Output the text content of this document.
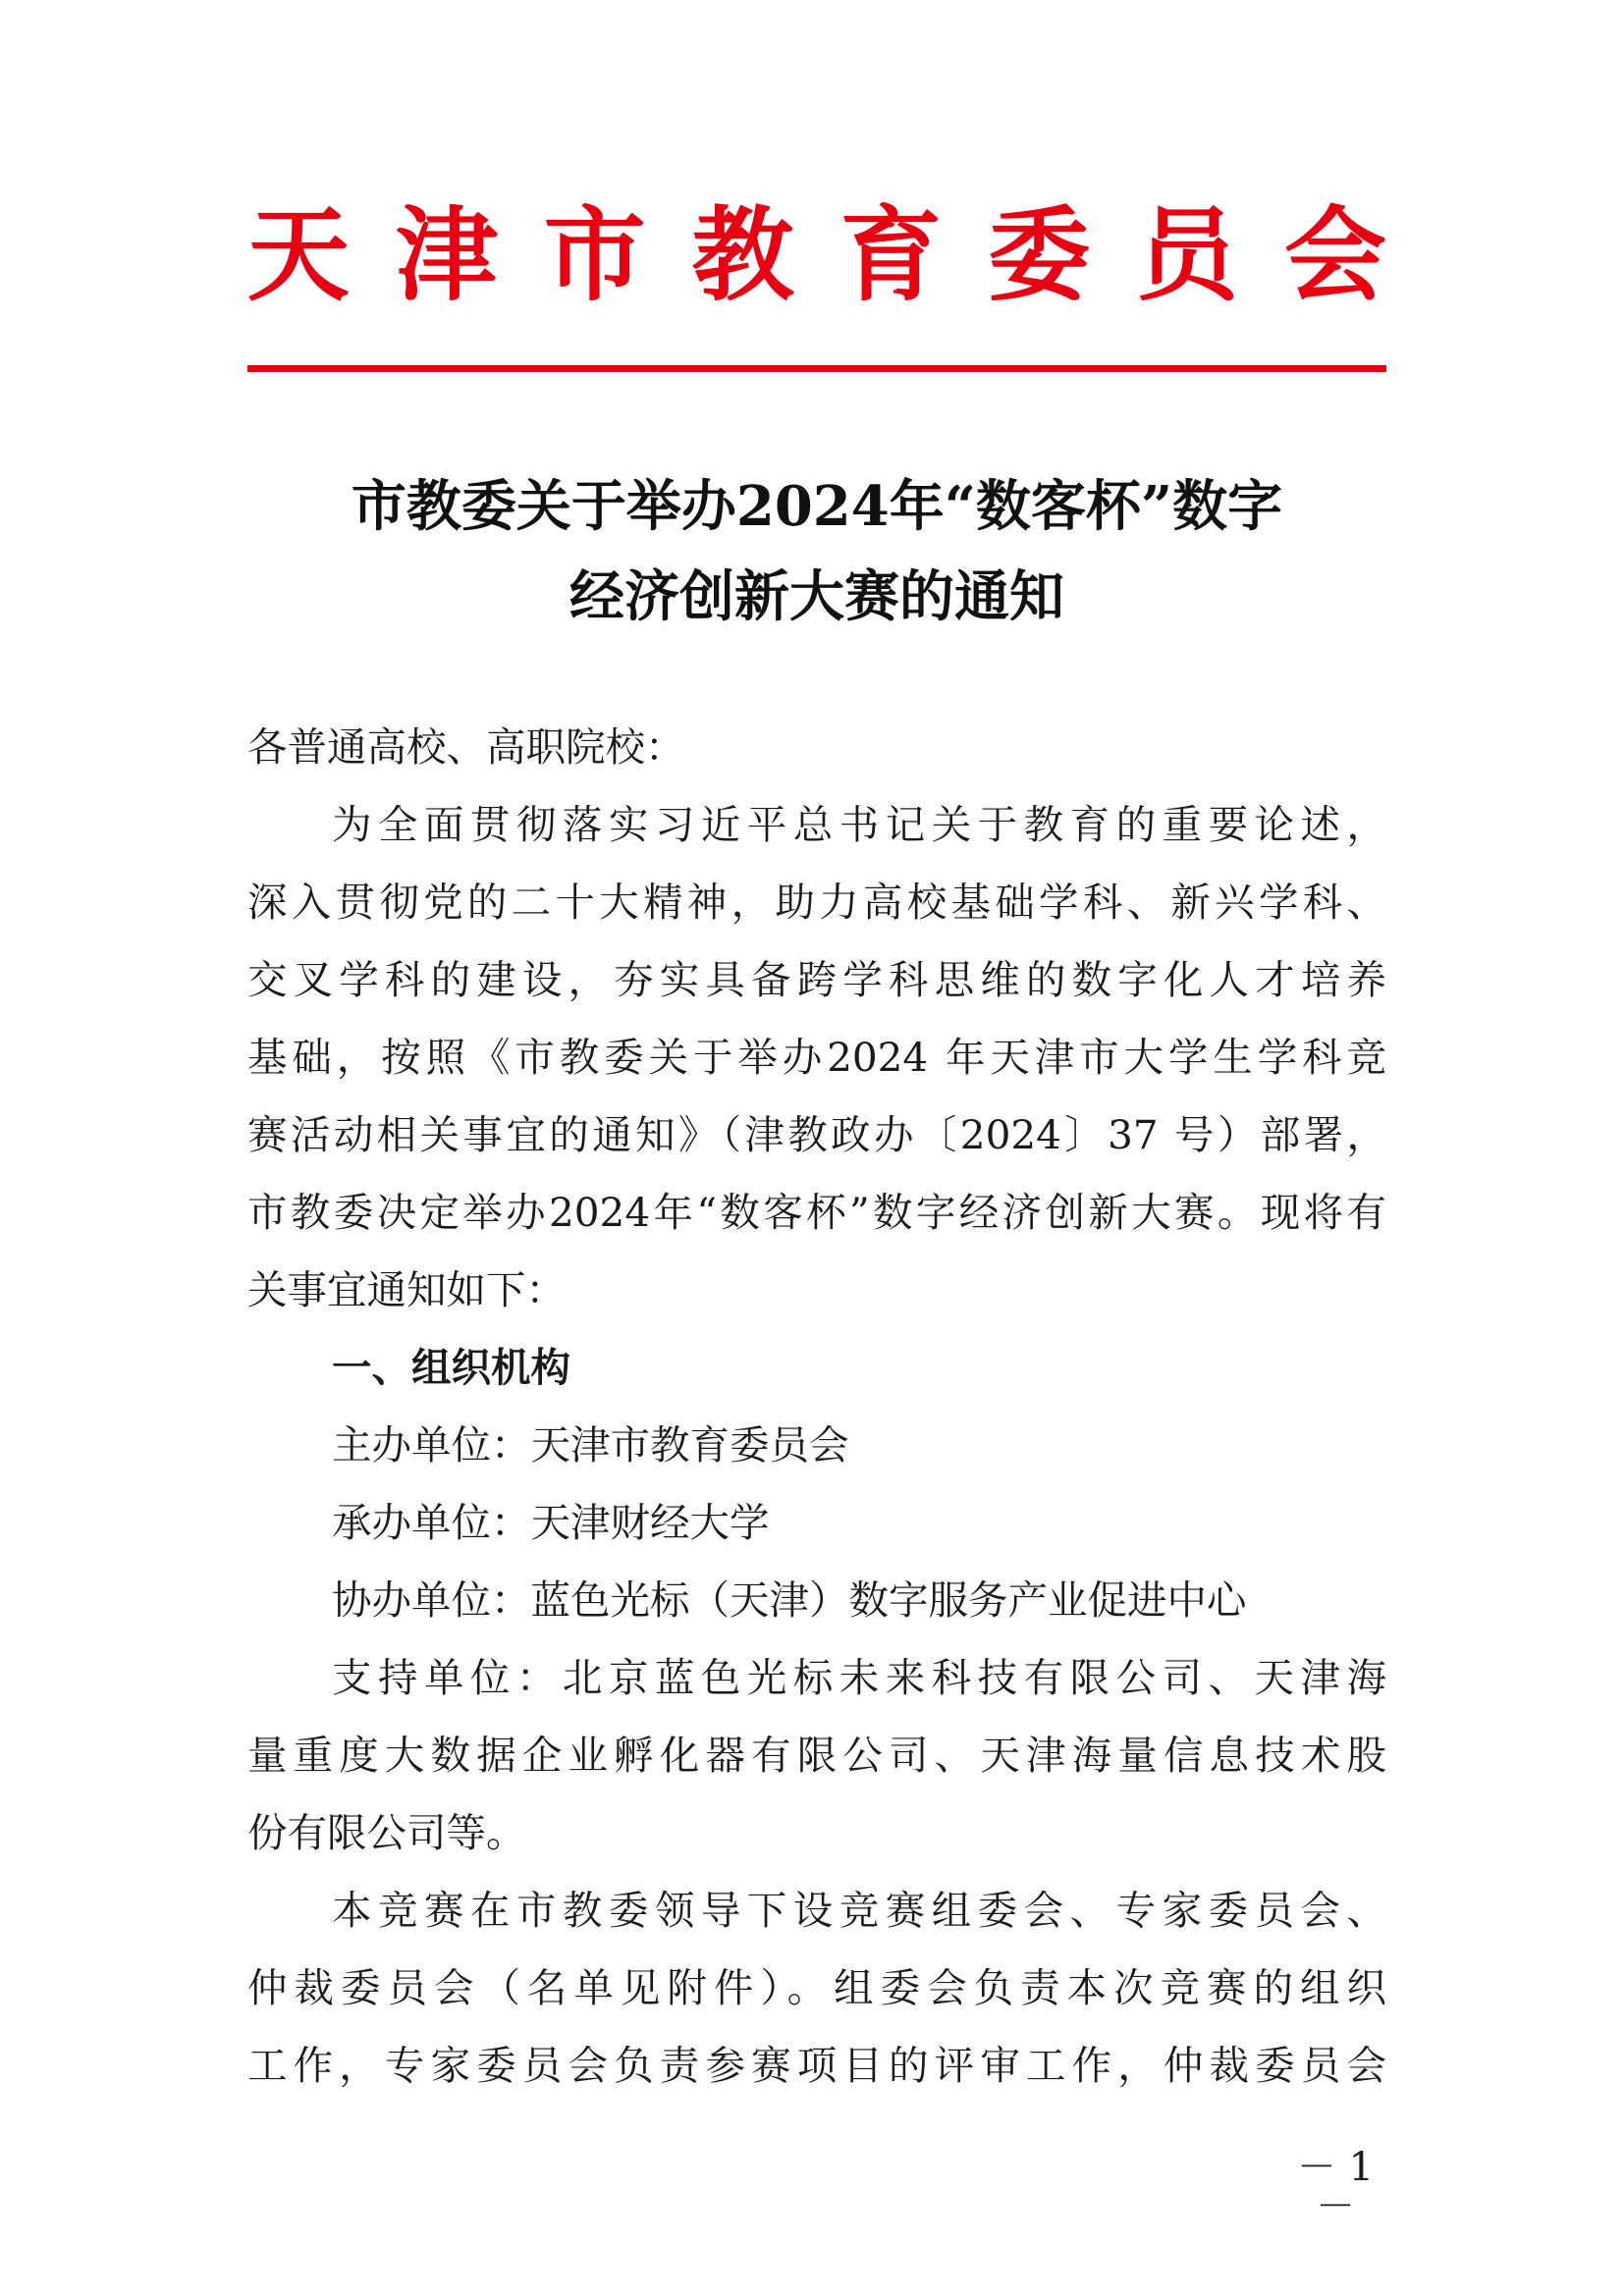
天 津 市 教 育 委 员 会
市教委关于举办2024年“数客杯”数字
经济创新大赛的通知
各普通高校、高职院校：
为全面贯彻落实习近平总书记关于教育的重要论述，
深入贯彻党的二十大精神，助力高校基础学科、新兴学科、
交叉学科的建设，夯实具备跨学科思维的数字化人才培养
基础，按照《市教委关于举办2024 年天津市大学生学科竞
赛活动相关事宜的通知》（津教政办〔2024〕37 号）部署，
市教委决定举办2024年“数客杯”数字经济创新大赛。现将有
关事宜通知如下：
一、组织机构
主办单位：天津市教育委员会
承办单位：天津财经大学
协办单位：蓝色光标（天津）数字服务产业促进中心
支持单位：北京蓝色光标未来科技有限公司、天津海
量重度大数据企业孵化器有限公司、天津海量信息技术股
份有限公司等。
本竞赛在市教委领导下设竞赛组委会、专家委员会、
仲裁委员会（名单见附件）。组委会负责本次竞赛的组织
工作，专家委员会负责参赛项目的评审工作，仲裁委员会
－ 1 －
